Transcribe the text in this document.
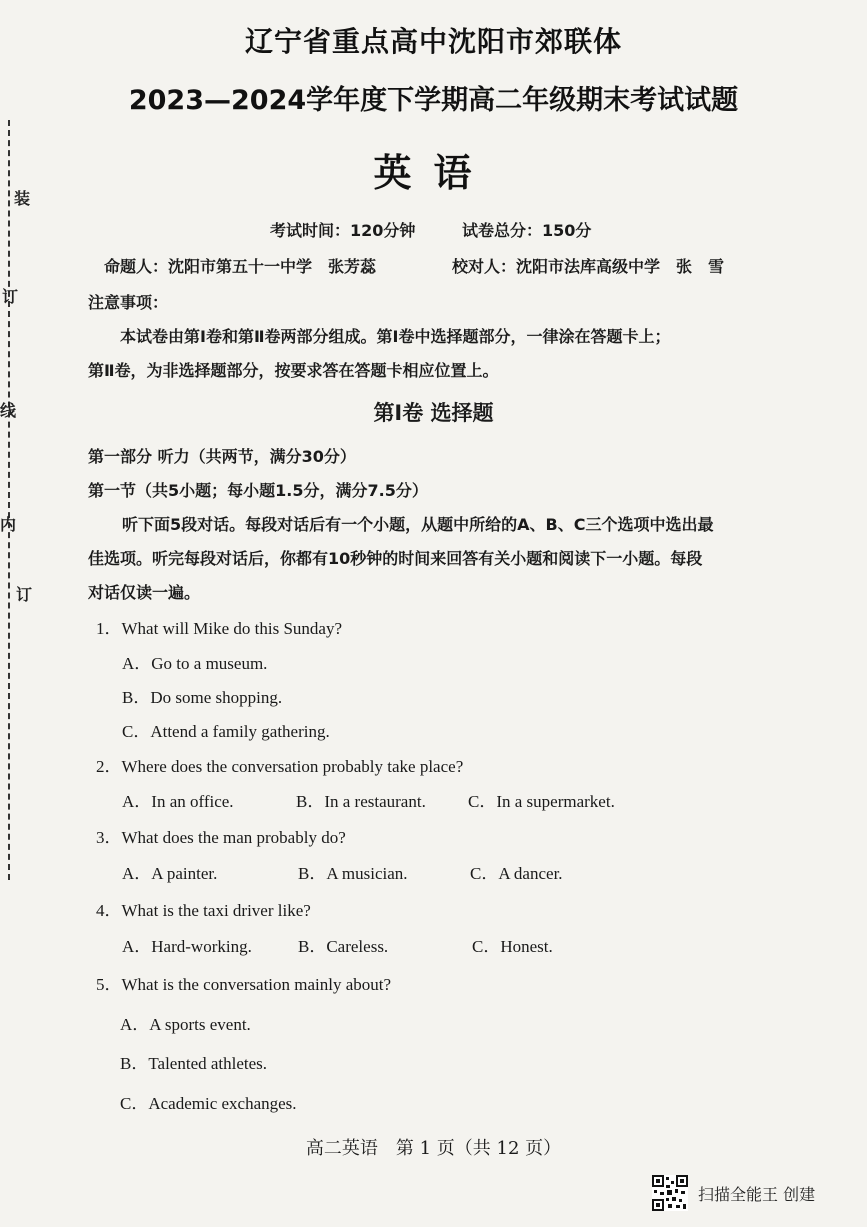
装
订
线
内
订
辽宁省重点高中沈阳市郊联体
2023—2024学年度下学期高二年级期末考试试题
英语
考试时间：120分钟	试卷总分：150分
命题人：沈阳市第五十一中学　张芳蕊	校对人：沈阳市法库高级中学　张　雪
注意事项：
本试卷由第Ⅰ卷和第Ⅱ卷两部分组成。第Ⅰ卷中选择题部分，一律涂在答题卡上；
第Ⅱ卷，为非选择题部分，按要求答在答题卡相应位置上。
第Ⅰ卷 选择题
第一部分 听力（共两节，满分30分）
第一节（共5小题；每小题1.5分，满分7.5分）
听下面5段对话。每段对话后有一个小题，从题中所给的A、B、C三个选项中选出最
佳选项。听完每段对话后，你都有10秒钟的时间来回答有关小题和阅读下一小题。每段
对话仅读一遍。
1．What will Mike do this Sunday?
A．Go to a museum.
B．Do some shopping.
C．Attend a family gathering.
2．Where does the conversation probably take place?
A．In an office.	B．In a restaurant. C．In a supermarket.
3．What does the man probably do?
A．A painter.	B．A musician.	C．A dancer.
4．What is the taxi driver like?
A．Hard-working.	B．Careless.	C．Honest.
5．What is the conversation mainly about?
A．A sports event.
B．Talented athletes.
C．Academic exchanges.
高二英语　第 1 页（共 12 页）
扫描全能王 创建
